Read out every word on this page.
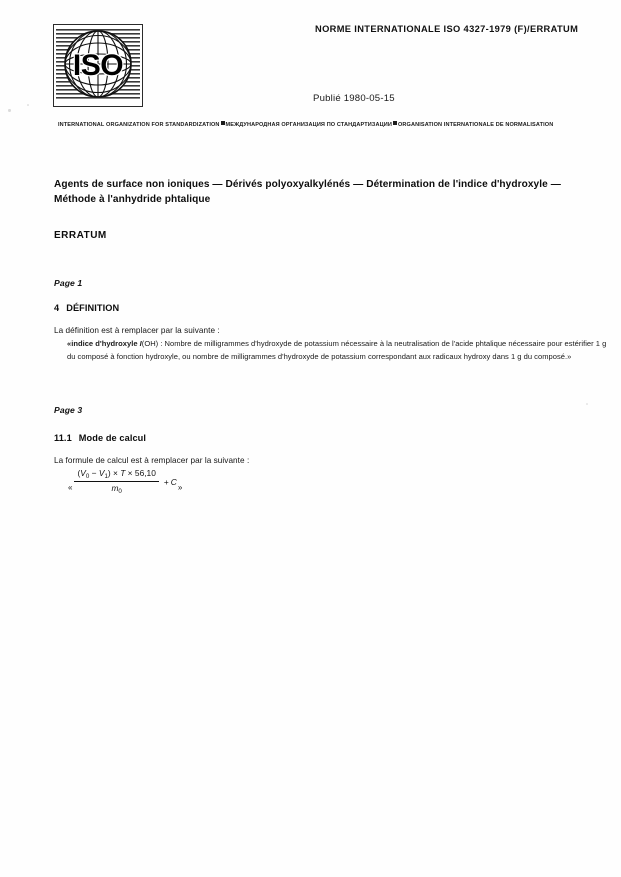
NORME INTERNATIONALE ISO 4327-1979 (F)/ERRATUM
ISO
Publié 1980-05-15
INTERNATIONAL ORGANIZATION FOR STANDARDIZATION МЕЖДУНАРОДНАЯ ОРГАНИЗАЦИЯ ПО СТАНДАРТИЗАЦИИ ORGANISATION INTERNATIONALE DE NORMALISATION
Agents de surface non ioniques — Dérivés polyoxyalkylénés — Détermination de l'indice d'hydroxyle — Méthode à l'anhydride phtalique
ERRATUM
Page 1
4 DÉFINITION
La définition est à remplacer par la suivante :
«indice d'hydroxyle I(OH) : Nombre de milligrammes d'hydroxyde de potassium nécessaire à la neutralisation de l'acide phtalique nécessaire pour estérifier 1 g du composé à fonction hydroxyle, ou nombre de milligrammes d'hydroxyde de potassium correspondant aux radicaux hydroxy dans 1 g du composé.»
Page 3
11.1 Mode de calcul
La formule de calcul est à remplacer par la suivante :
« $\frac{(V_0 - V_1) \times T \times 56,10}{m_0} + C$
»
